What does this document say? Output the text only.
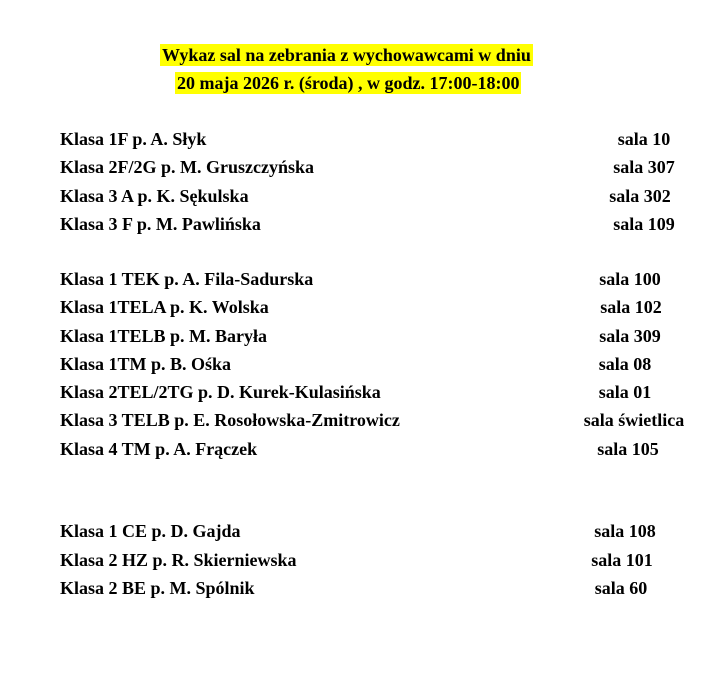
Wykaz sal na zebrania z wychowawcami w dniu
20 maja 2026 r. (środa) , w godz. 17:00-18:00
Klasa 1F p. A. Słyk	sala 10
Klasa 2F/2G p. M. Gruszczyńska	sala 307
Klasa 3 A p. K. Sękulska	sala 302
Klasa 3 F p. M. Pawlińska	sala 109
Klasa 1 TEK p. A. Fila-Sadurska	sala 100
Klasa 1TELA p. K. Wolska	sala 102
Klasa 1TELB p. M. Baryła	sala 309
Klasa 1TM p. B. Ośka	sala 08
Klasa 2TEL/2TG p. D. Kurek-Kulasińska	sala 01
Klasa 3 TELB p. E. Rosołowska-Zmitrowicz	sala świetlica
Klasa 4 TM p. A. Frączek	sala 105
Klasa 1 CE p. D. Gajda	sala 108
Klasa 2 HZ p. R. Skierniewska	sala 101
Klasa 2 BE p. M. Spólnik	sala 60
